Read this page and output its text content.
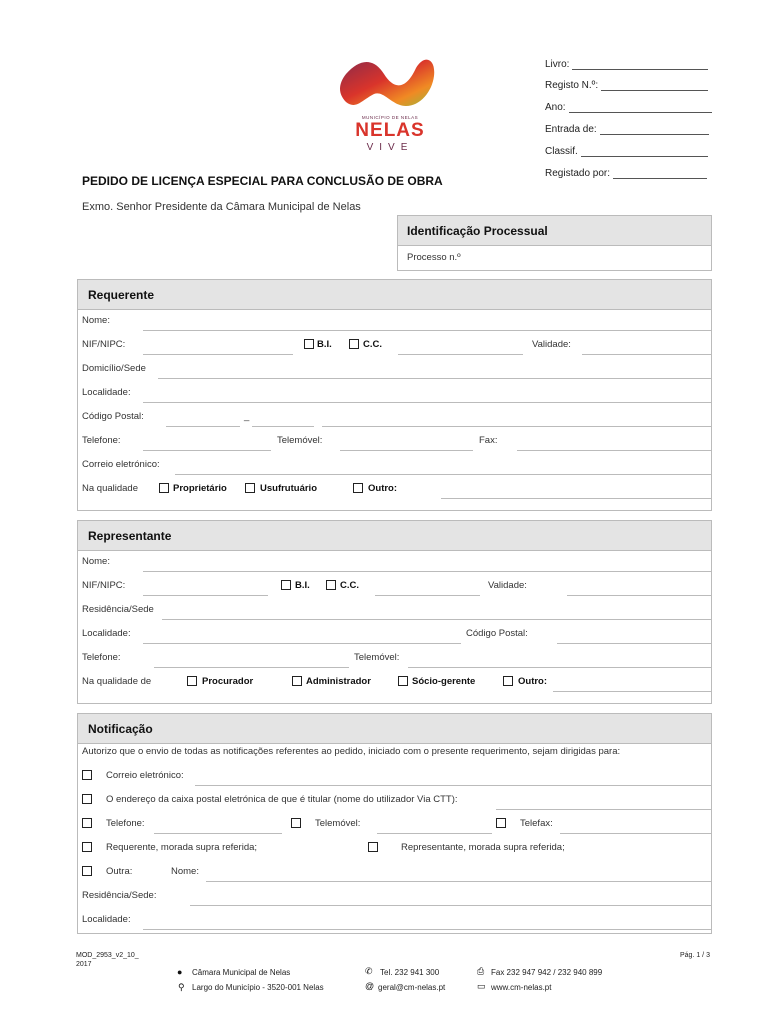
MUNICÍPIO DE NELAS
NELAS
VIVE
Livro:
Registo N.º:
Ano:
Entrada de:
Classif.
Registado por:
PEDIDO DE LICENÇA ESPECIAL PARA CONCLUSÃO DE OBRA
Exmo. Senhor Presidente da Câmara Municipal de Nelas
Identificação Processual
Processo n.º
Requerente
Nome:
NIF/NIPC:	B.I.	C.C.	Validade:
Domicílio/Sede
Localidade:
Código Postal:	_
Telefone:	Telemóvel:	Fax:
Correio eletrónico:
Na qualidade	Proprietário	Usufrutuário	Outro:
Representante
Nome:
NIF/NIPC:	B.I.	C.C.	Validade:
Residência/Sede
Localidade:	Código Postal:
Telefone:	Telemóvel:
Na qualidade de	Procurador	Administrador	Sócio-gerente	Outro:
Notificação
Autorizo que o envio de todas as notificações referentes ao pedido, iniciado com o presente requerimento, sejam dirigidas para:
Correio eletrónico:
O endereço da caixa postal eletrónica de que é titular (nome do utilizador Via CTT):
Telefone:	Telemóvel:	Telefax:
Requerente, morada supra referida;	Representante, morada supra referida;
Outra:	Nome:
Residência/Sede:
Localidade:
MOD_2953_v2_10_
2017
Pág. 1 / 3
● Câmara Municipal de Nelas
⚲ Largo do Município - 3520-001 Nelas
✆ Tel. 232 941 300
@ geral@cm-nelas.pt
⎙ Fax 232 947 942 / 232 940 899
▭ www.cm-nelas.pt
